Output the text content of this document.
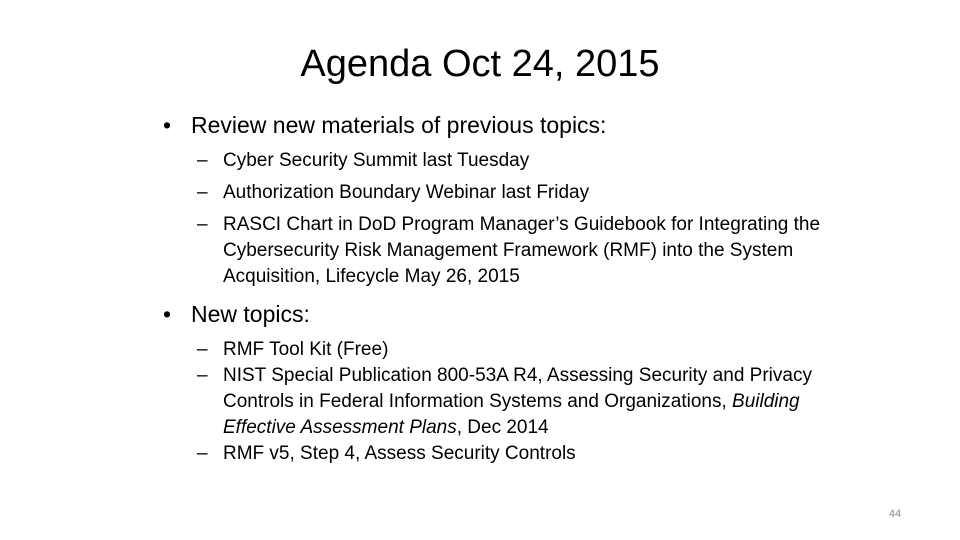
Agenda Oct 24, 2015
• Review new materials of previous topics:
– Cyber Security Summit last Tuesday
– Authorization Boundary Webinar last Friday
– RASCI Chart in DoD Program Manager’s Guidebook for Integrating the Cybersecurity Risk Management Framework (RMF) into the System Acquisition, Lifecycle May 26, 2015
• New topics:
– RMF Tool Kit (Free)
– NIST Special Publication 800-53A R4, Assessing Security and Privacy Controls in Federal Information Systems and Organizations, Building Effective Assessment Plans, Dec 2014
– RMF v5, Step 4, Assess Security Controls
44
